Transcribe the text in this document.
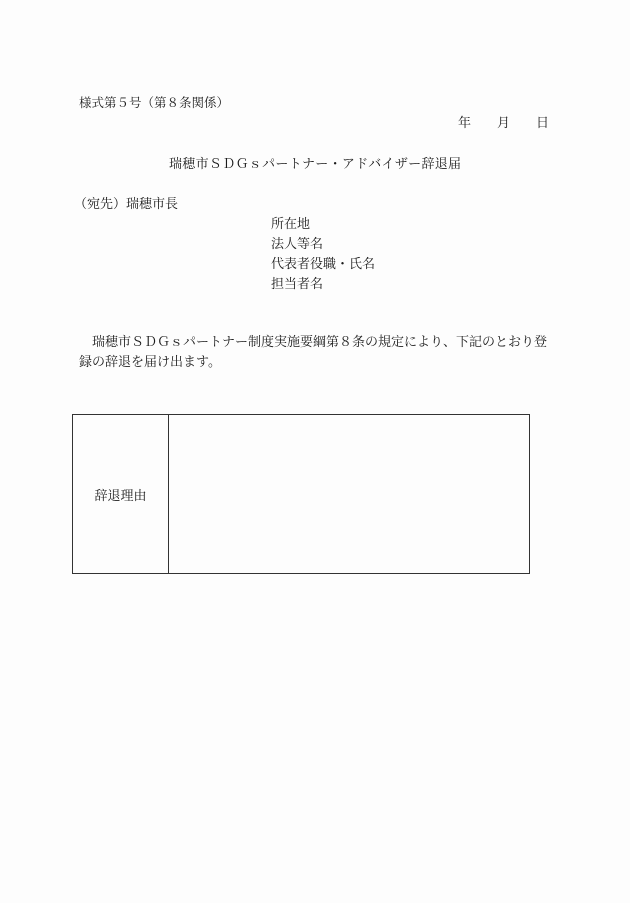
様式第５号（第８条関係）
年 月 日
瑞穂市ＳＤＧｓパートナー・アドバイザー辞退届
（宛先）瑞穂市長
所在地
法人等名
代表者役職・氏名
担当者名
瑞穂市ＳＤＧｓパートナー制度実施要綱第８条の規定により、下記のとおり登録の辞退を届け出ます。
辞退理由
